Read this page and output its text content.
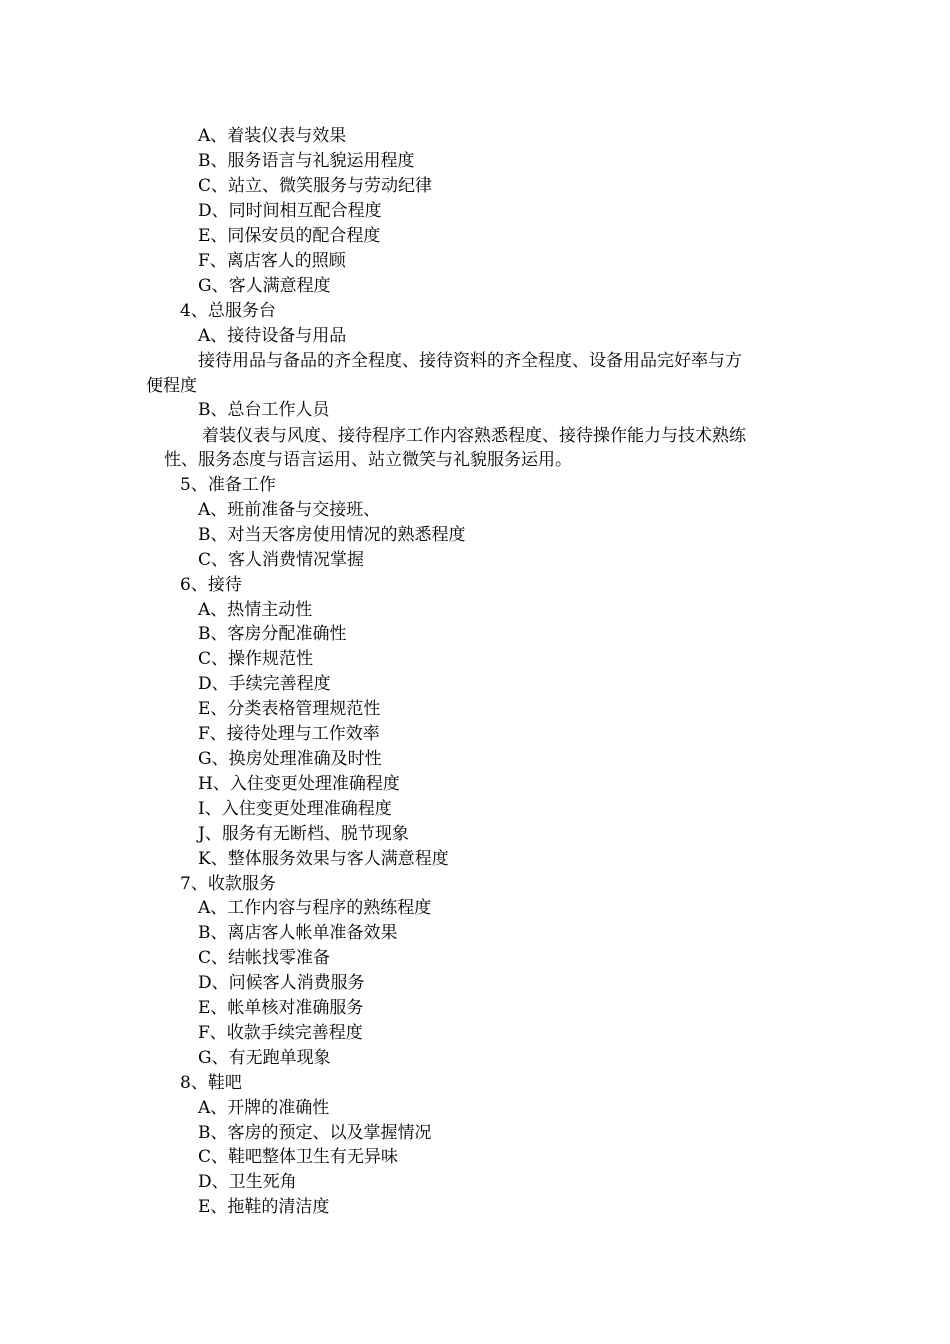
A、着装仪表与效果
B、服务语言与礼貌运用程度
C、站立、微笑服务与劳动纪律
D、同时间相互配合程度
E、同保安员的配合程度
F、离店客人的照顾
G、客人满意程度
4、总服务台
A、接待设备与用品
接待用品与备品的齐全程度、接待资料的齐全程度、设备用品完好率与方
便程度
B、总台工作人员
着装仪表与风度、接待程序工作内容熟悉程度、接待操作能力与技术熟练
性、服务态度与语言运用、站立微笑与礼貌服务运用。
5、准备工作
A、班前准备与交接班、
B、对当天客房使用情况的熟悉程度
C、客人消费情况掌握
6、接待
A、热情主动性
B、客房分配准确性
C、操作规范性
D、手续完善程度
E、分类表格管理规范性
F、接待处理与工作效率
G、换房处理准确及时性
H、入住变更处理准确程度
I、入住变更处理准确程度
J、服务有无断档、脱节现象
K、整体服务效果与客人满意程度
7、收款服务
A、工作内容与程序的熟练程度
B、离店客人帐单准备效果
C、结帐找零准备
D、问候客人消费服务
E、帐单核对准确服务
F、收款手续完善程度
G、有无跑单现象
8、鞋吧
A、开牌的准确性
B、客房的预定、以及掌握情况
C、鞋吧整体卫生有无异味
D、卫生死角
E、拖鞋的清洁度
